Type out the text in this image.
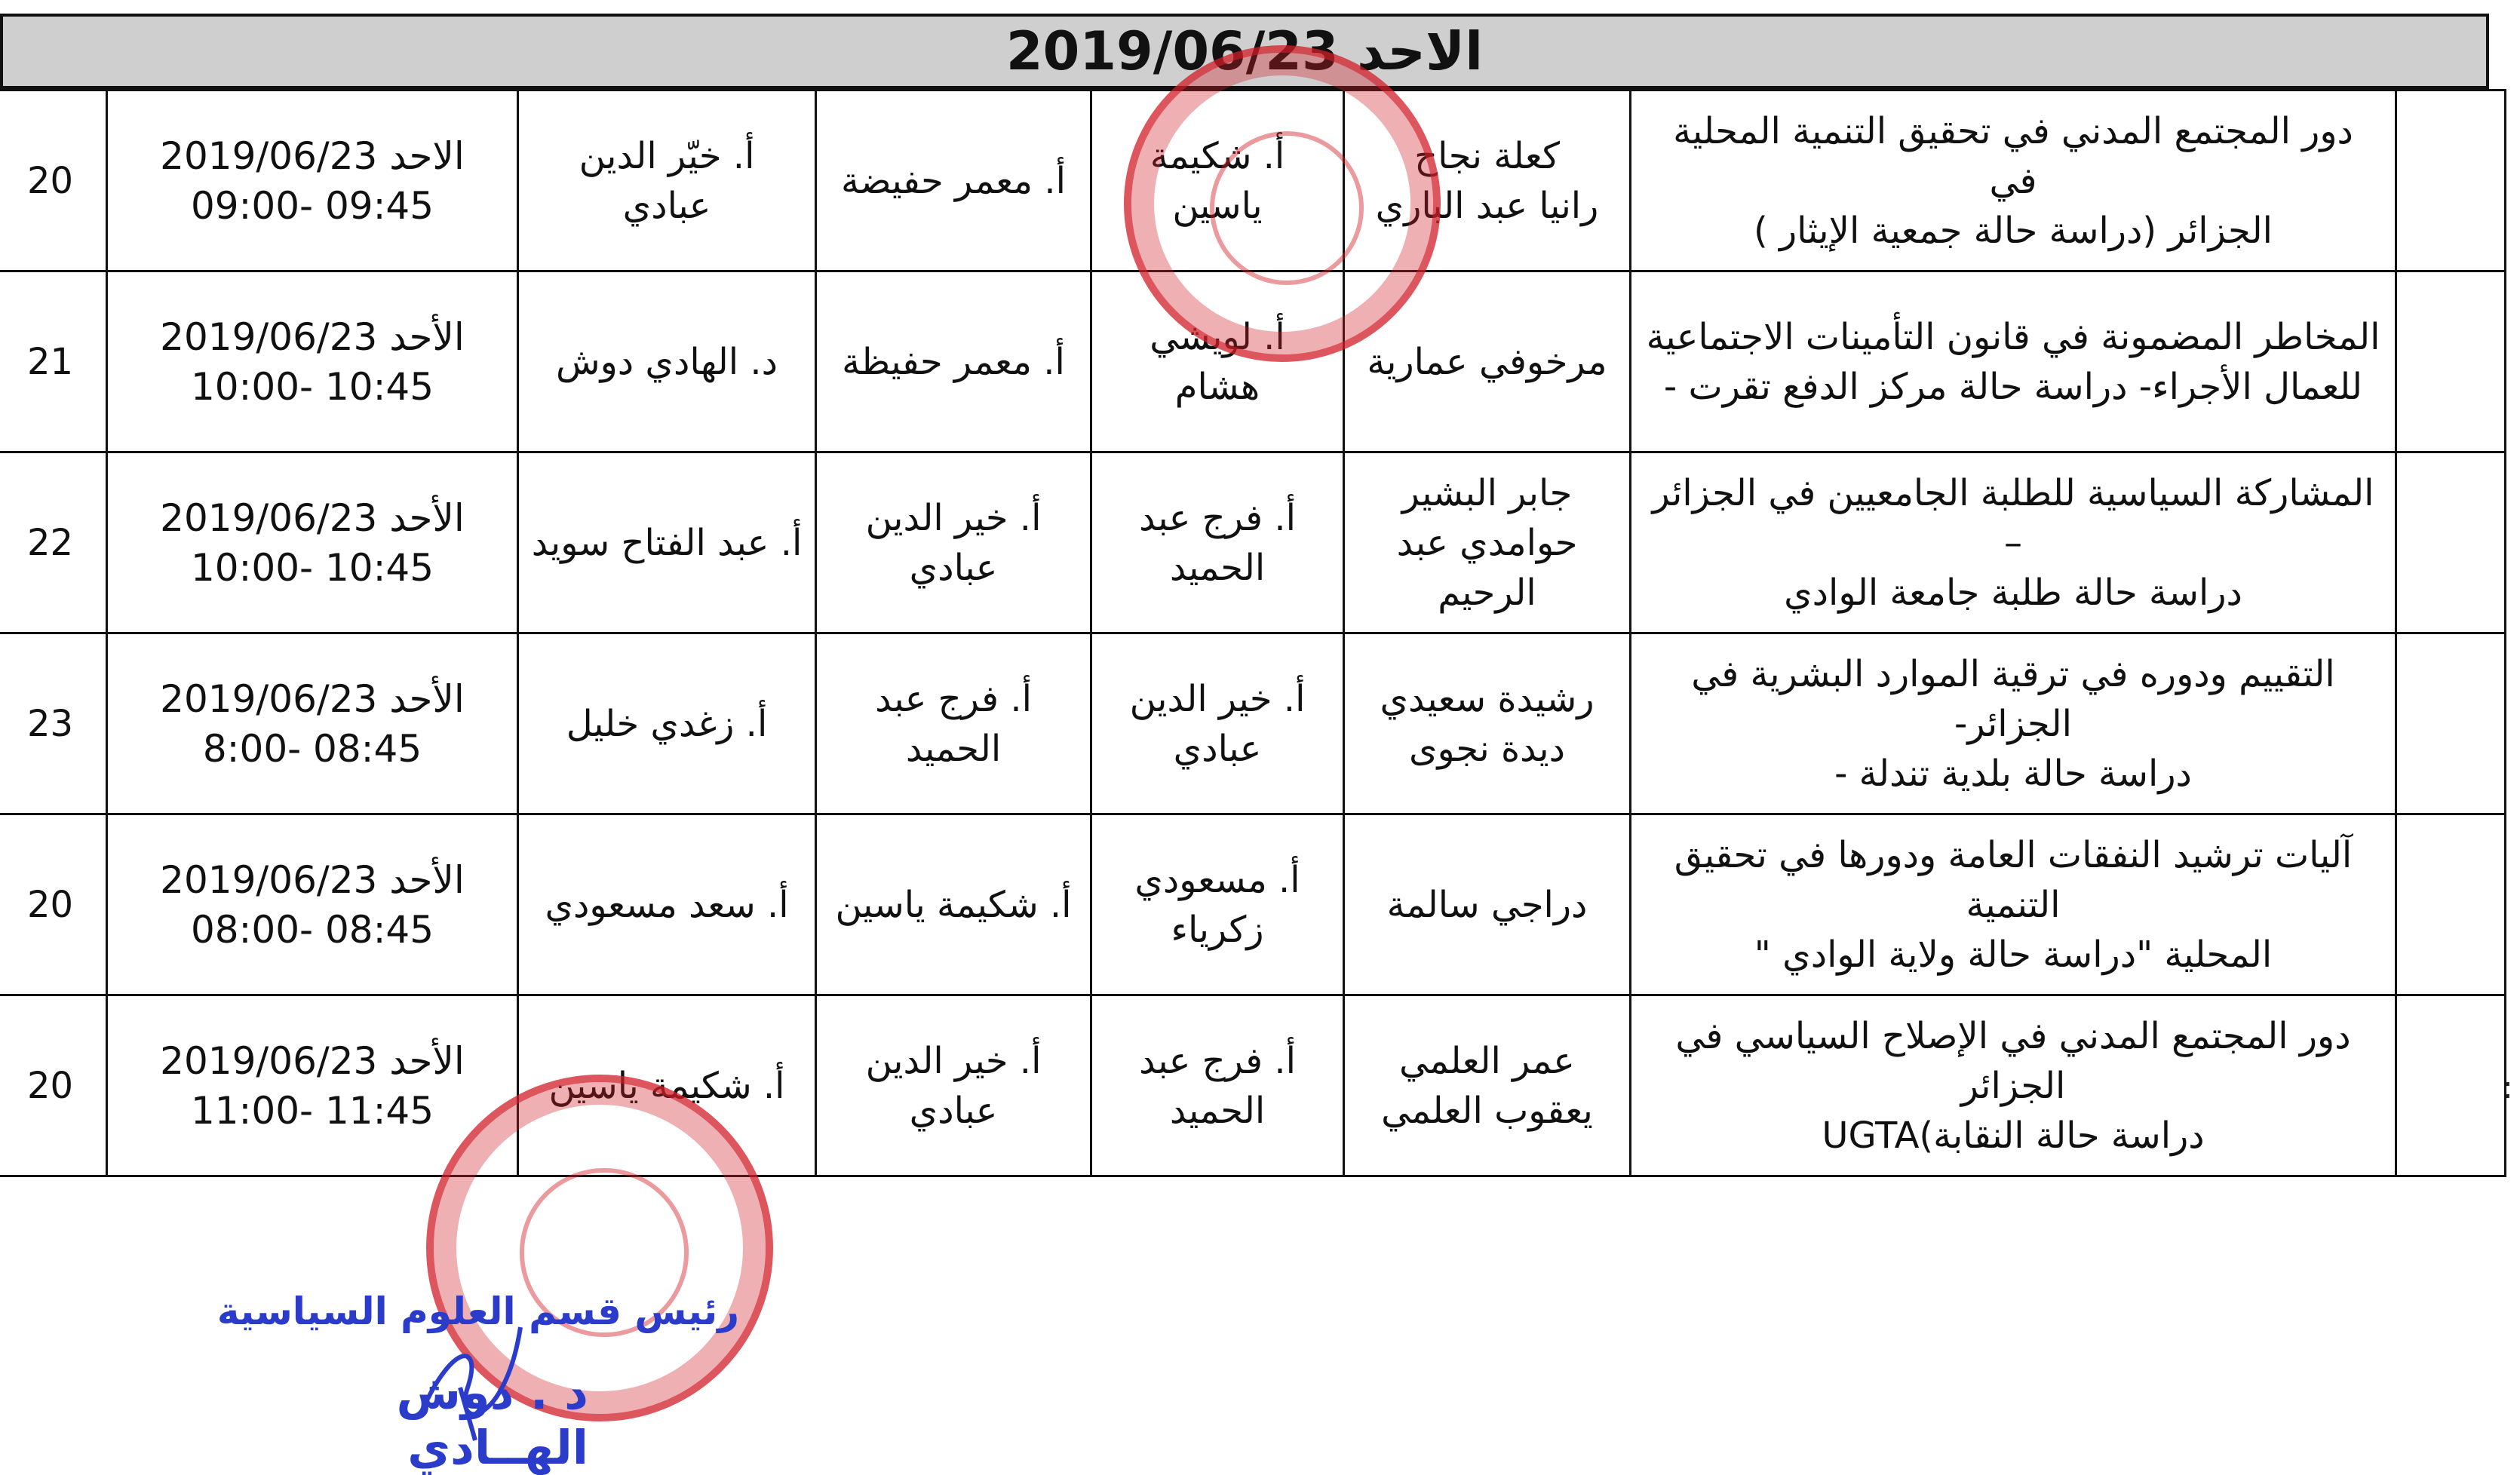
الاحد 2019/06/23
20	الاحد 2019/06/23
09:00- 09:45	أ. خيّر الدين عبادي	أ. معمر حفيضة	أ. شكيمة ياسين	كعلة نجاح
رانيا عبد الباري	دور المجتمع المدني في تحقيق التنمية المحلية في
الجزائر (دراسة حالة جمعية الإيثار )	

21	الأحد 2019/06/23
10:00- 10:45	د. الهادي دوش	أ. معمر حفيظة	أ. لويشي هشام	مرخوفي عمارية	المخاطر المضمونة في قانون التأمينات الاجتماعية
للعمال الأجراء- دراسة حالة مركز الدفع تقرت -	

22	الأحد 2019/06/23
10:00- 10:45	أ. عبد الفتاح سويد	أ. خير الدين عبادي	أ. فرج عبد الحميد	جابر البشير
حوامدي عبد الرحيم	المشاركة السياسية للطلبة الجامعيين في الجزائر –
دراسة حالة طلبة جامعة الوادي	

23	الأحد 2019/06/23
8:00- 08:45	أ. زغدي خليل	أ. فرج عبد الحميد	أ. خير الدين عبادي	رشيدة سعيدي
ديدة نجوى	التقييم ودوره في ترقية الموارد البشرية في الجزائر-
دراسة حالة بلدية تندلة -	

20	الأحد 2019/06/23
08:00- 08:45	أ. سعد مسعودي	أ. شكيمة ياسين	أ. مسعودي زكرياء	دراجي سالمة	آليات ترشيد النفقات العامة ودورها في تحقيق التنمية
المحلية "دراسة حالة ولاية الوادي "	

20	الأحد 2019/06/23
11:00- 11:45	أ. شكيمة ياسين	أ. خير الدين عبادي	أ. فرج عبد الحميد	عمر العلمي
يعقوب العلمي	دور المجتمع المدني في الإصلاح السياسي في الجزائر
UGTA(دراسة حالة النقابة	

رئيس قسم العلوم السياسية
د . دوش الهــادي
:
